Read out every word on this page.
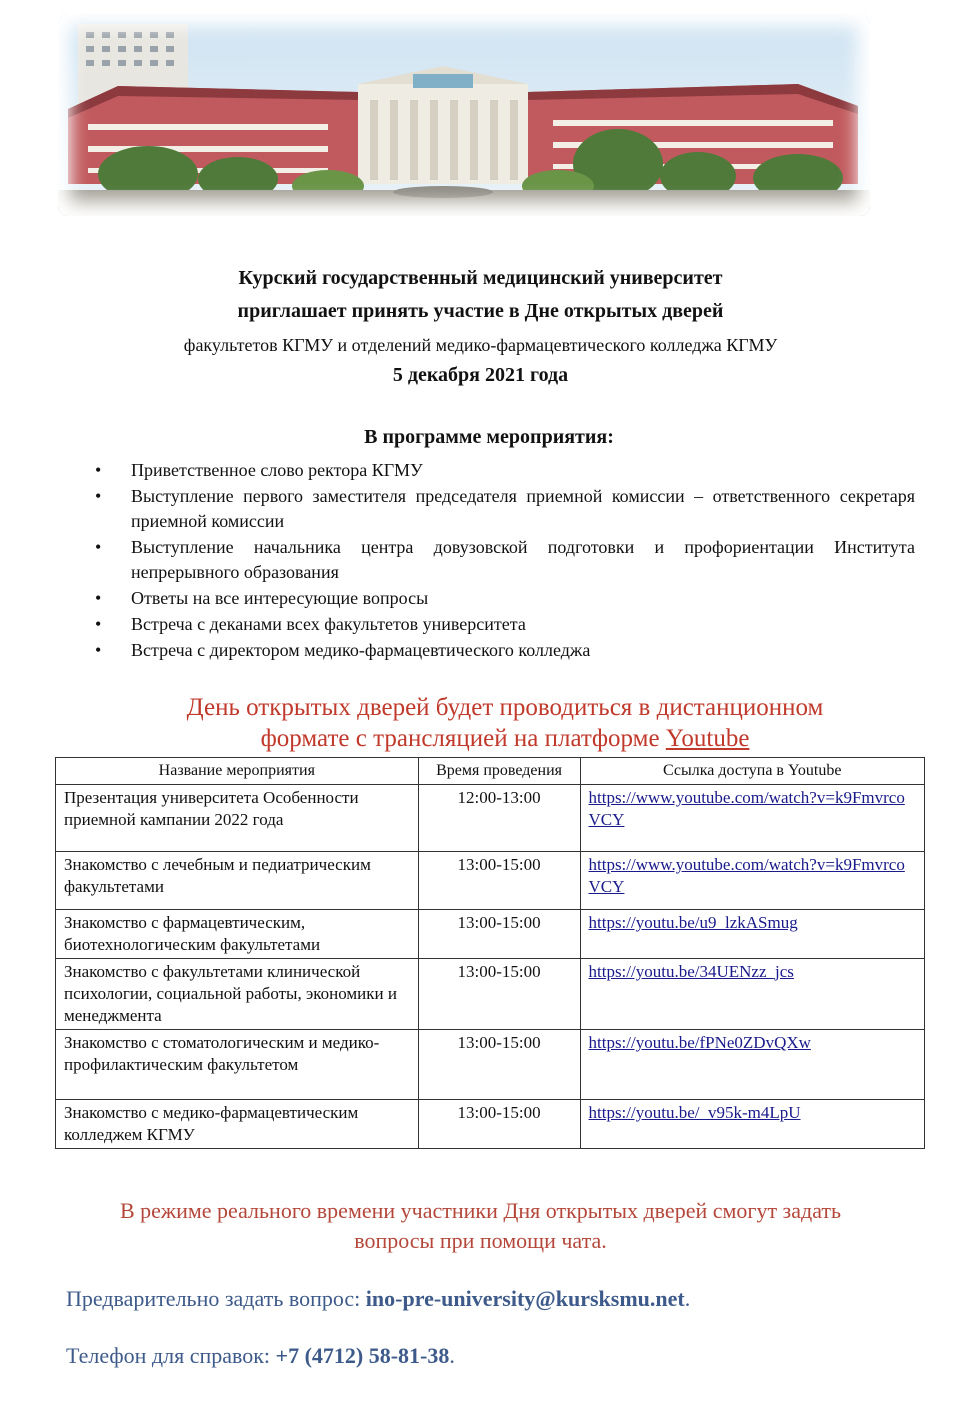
Курский государственный медицинский университет
приглашает принять участие в Дне открытых дверей
факультетов КГМУ и отделений медико-фармацевтического колледжа КГМУ
5 декабря 2021 года
В программе мероприятия:
• Приветственное слово ректора КГМУ
• Выступление первого заместителя председателя приемной комиссии – ответственного секретаря приемной комиссии
• Выступление начальника центра довузовской подготовки и профориентации Института непрерывного образования
• Ответы на все интересующие вопросы
• Встреча с деканами всех факультетов университета
• Встреча с директором медико-фармацевтического колледжа
День открытых дверей будет проводиться в дистанционном
формате с трансляцией на платформе Youtube
Название мероприятия	Время проведения	Ссылка доступа в Youtube
Презентация университета Особенности приемной кампании 2022 года	12:00-13:00	https://www.youtube.com/watch?v=k9FmvrcoVCY
Знакомство с лечебным и педиатрическим факультетами	13:00-15:00	https://www.youtube.com/watch?v=k9FmvrcoVCY
Знакомство с фармацевтическим, биотехнологическим факультетами	13:00-15:00	https://youtu.be/u9_lzkASmug
Знакомство с факультетами клинической психологии, социальной работы, экономики и менеджмента	13:00-15:00	https://youtu.be/34UENzz_jcs
Знакомство с стоматологическим и медико-профилактическим факультетом	13:00-15:00	https://youtu.be/fPNe0ZDvQXw
Знакомство с медико-фармацевтическим колледжем КГМУ	13:00-15:00	https://youtu.be/_v95k-m4LpU
В режиме реального времени участники Дня открытых дверей смогут задать
вопросы при помощи чата.
Предварительно задать вопрос: ino-pre-university@kursksmu.net.
Телефон для справок: +7 (4712) 58-81-38.
